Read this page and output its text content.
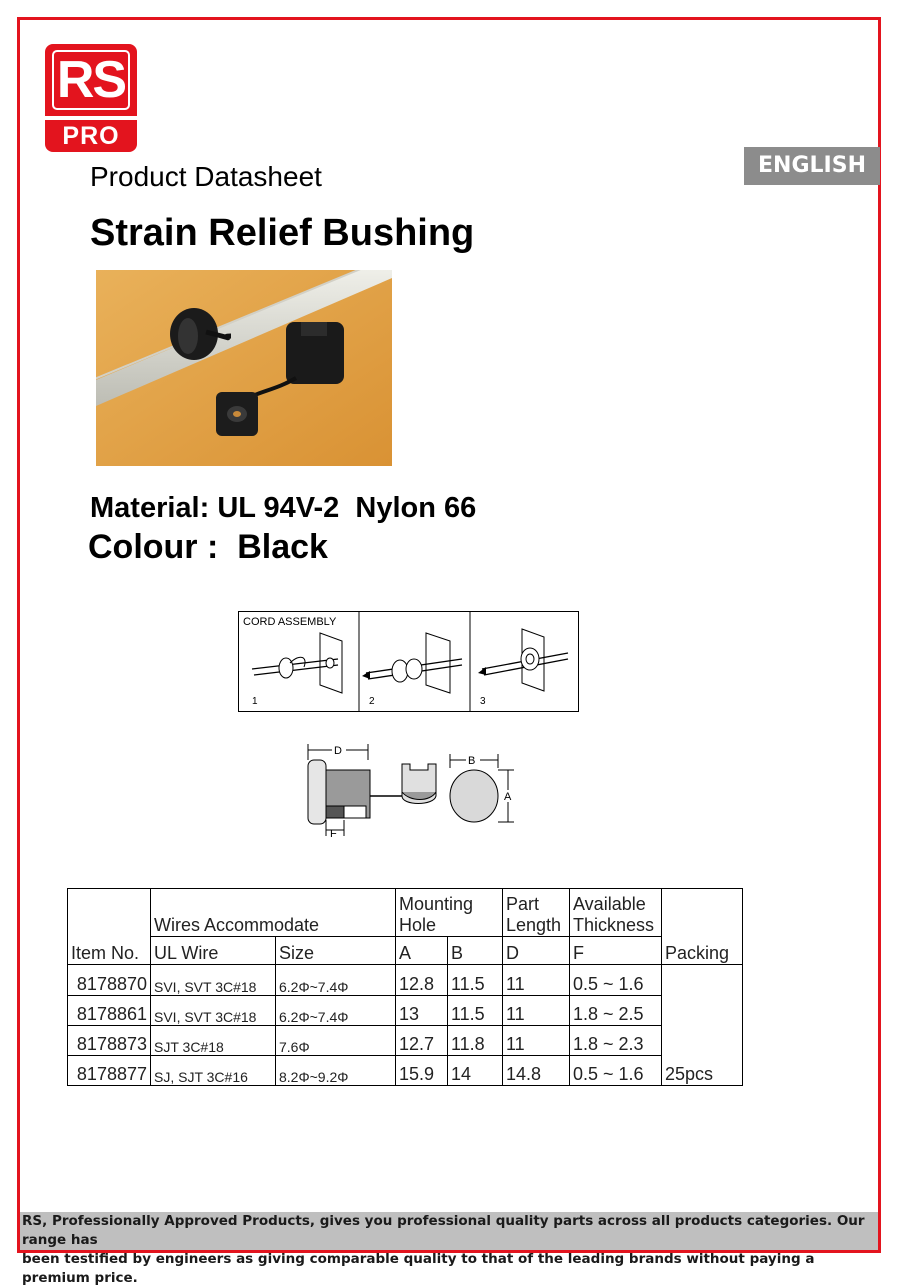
RS
PRO
ENGLISH
Product Datasheet
Strain Relief Bushing
Material: UL 94V-2  Nylon 66
Colour :  Black
CORD ASSEMBLY
1	2	3
D
F
B
A
	Wires Accommodate		Mounting Hole		Part Length	Available Thickness	
Item No.	UL Wire	Size	A	B	D	F	Packing
8178870	SVI, SVT 3C#18	6.2Φ~7.4Φ	12.8	11.5	11	0.5 ~ 1.6	25pcs
8178861	SVI, SVT 3C#18	6.2Φ~7.4Φ	13	11.5	11	1.8 ~ 2.5	
8178873	SJT 3C#18	7.6Φ	12.7	11.8	11	1.8 ~ 2.3	
8178877	SJ, SJT 3C#16	8.2Φ~9.2Φ	15.9	14	14.8	0.5 ~ 1.6	
RS, Professionally Approved Products, gives you professional quality parts across all products categories. Our range has
been testified by engineers as giving comparable quality to that of the leading brands without paying a premium price.
